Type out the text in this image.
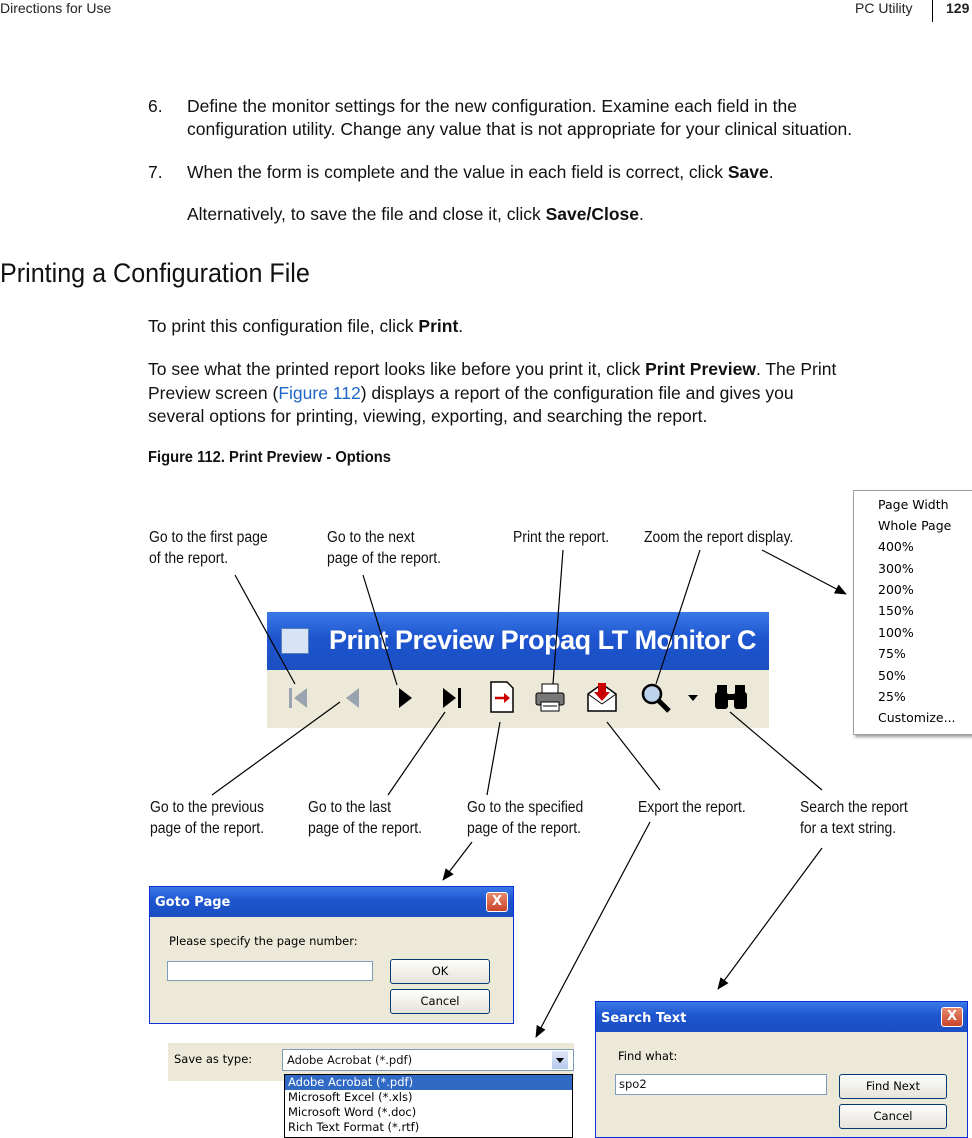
Directions for Use	PC Utility 129
6. Define the monitor settings for the new configuration. Examine each field in the
configuration utility. Change any value that is not appropriate for your clinical situation.
7. When the form is complete and the value in each field is correct, click Save.
Alternatively, to save the file and close it, click Save/Close.
Printing a Configuration File
To print this configuration file, click Print.
To see what the printed report looks like before you print it, click Print Preview. The Print
Preview screen (Figure 112) displays a report of the configuration file and gives you
several options for printing, viewing, exporting, and searching the report.
Figure 112. Print Preview - Options
Go to the first page
of the report.
Go to the next
page of the report.
Print the report. Zoom the report display.
Go to the previous
page of the report.
Go to the last
page of the report.
Go to the specified
page of the report.
Export the report.	Search the report
for a text string.
Print Preview Propaq LT Monitor C
Page Width
Whole Page
400%
300%
200%
150%
100%
75%
50%
25%
Customize...
Goto Page	X
Please specify the page number:
OK
Cancel
Save as type:	Adobe Acrobat (*.pdf)
Adobe Acrobat (*.pdf)
Microsoft Excel (*.xls)
Microsoft Word (*.doc)
Rich Text Format (*.rtf)
Search Text	X
Find what:
spo2	Find Next
Cancel
